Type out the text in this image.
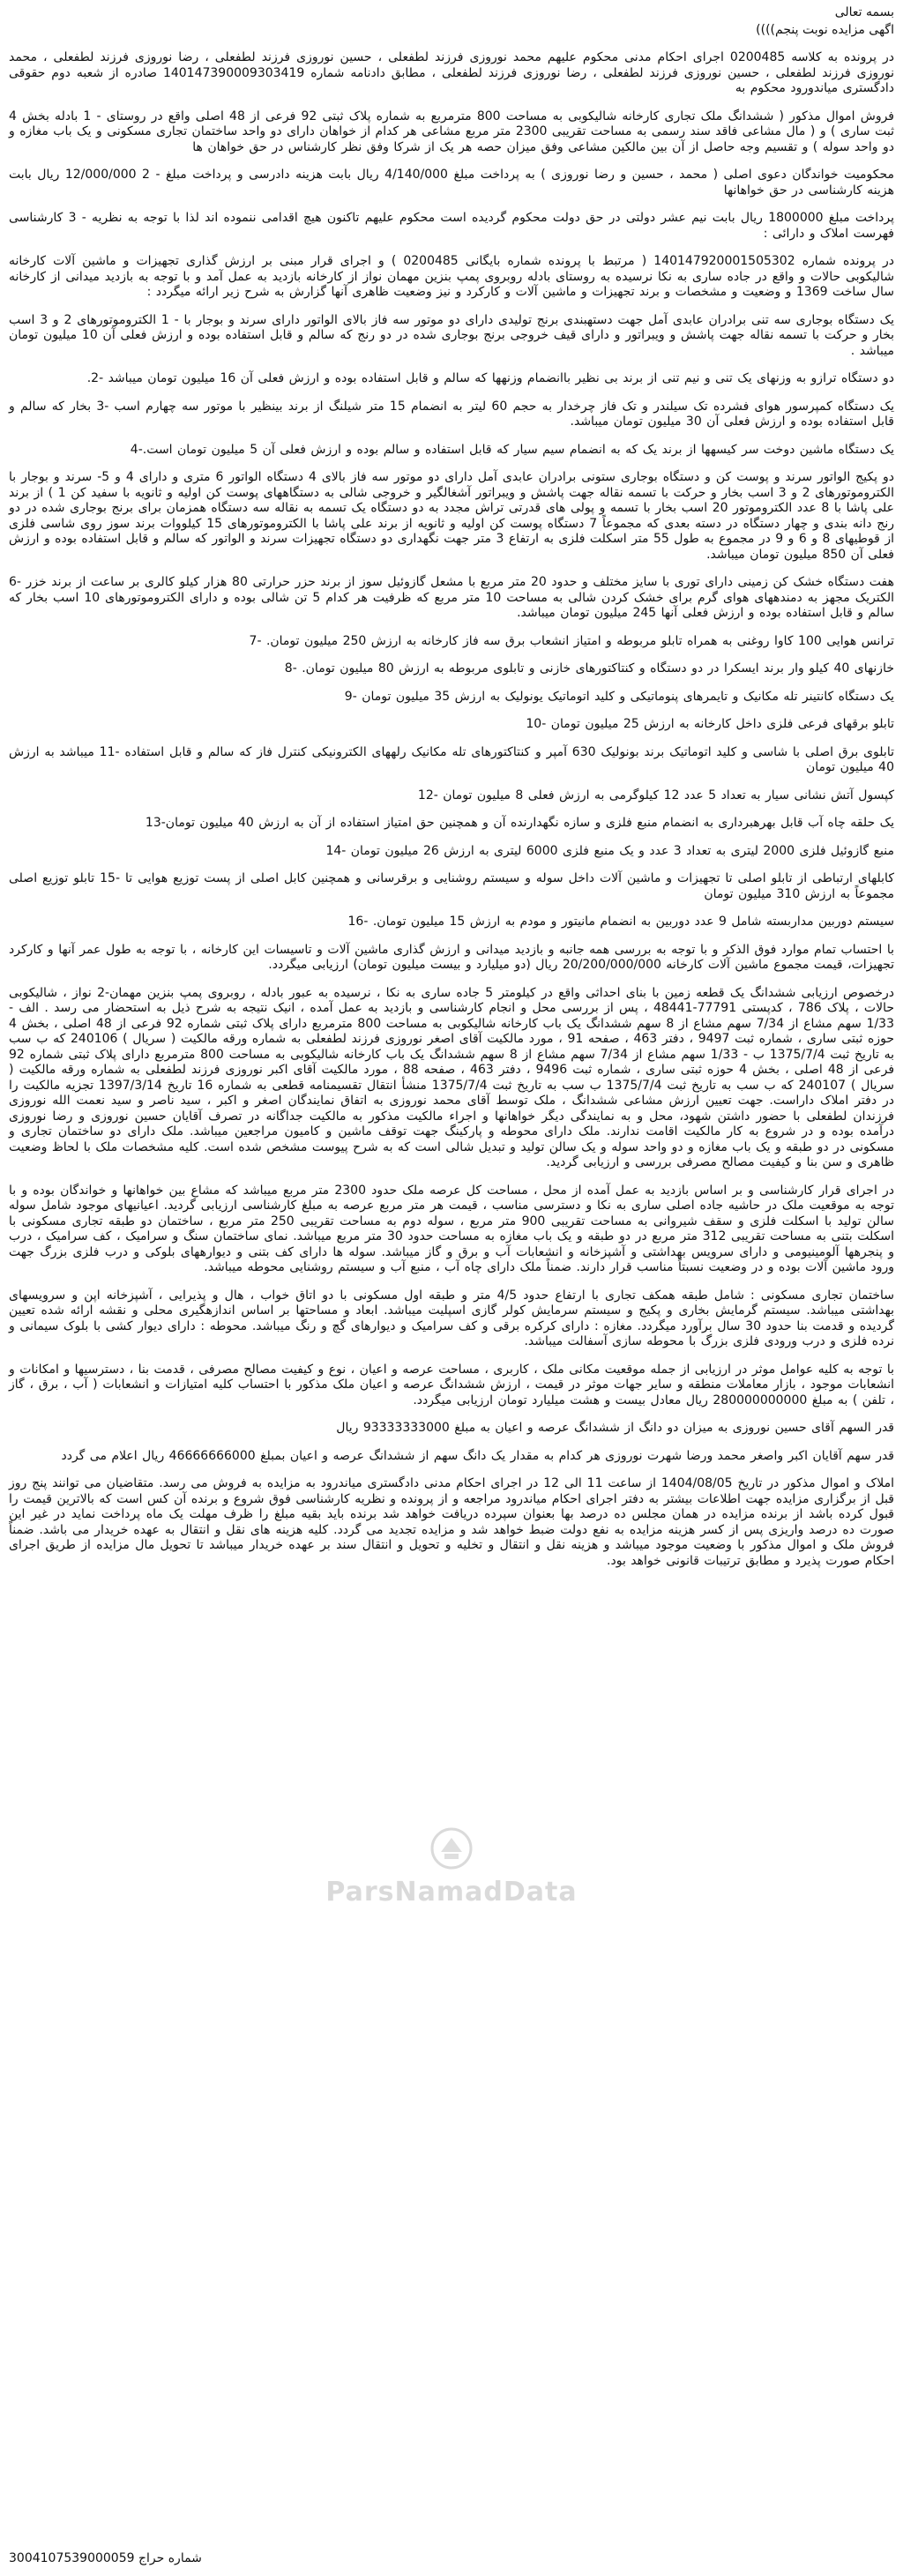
بسمه تعالی
اگهی مزایده نوبت پنجم))))
در پرونده به کلاسه 0200485 اجرای احکام مدنی محکوم علیهم محمد نوروزی فرزند لطفعلی ، حسین نوروزی فرزند لطفعلی ، رضا نوروزی فرزند لطفعلی ، محمد نوروزی فرزند لطفعلی ، حسین نوروزی فرزند لطفعلی ، رضا نوروزی فرزند لطفعلی ، مطابق دادنامه شماره 140147390009303419 صادره از شعبه دوم حقوقی دادگستری میاندورود محکوم به
فروش اموال مذکور ( ششدانگ ملک تجاری کارخانه شالیکوبی به مساحت 800 مترمربع به شماره پلاک ثبتی 92 فرعی از 48 اصلی واقع در روستای - 1 بادله بخش 4 ثبت ساری ) و ( مال مشاعی فاقد سند رسمی به مساحت تقریبی 2300 متر مربع مشاعی هر کدام از خواهان دارای دو واحد ساختمان تجاری مسکونی و یک باب مغازه و دو واحد سوله ) و تقسیم وجه حاصل از آن بین مالکین مشاعی وفق میزان حصه هر یک از شرکا وفق نظر کارشناس در حق خواهان ها
محکومیت خواندگان دعوی اصلی ( محمد ، حسین و رضا نوروزی ) به پرداخت مبلغ 4/140/000 ریال بابت هزینه دادرسی و پرداخت مبلغ - 2 12/000/000 ریال بابت هزینه کارشناسی در حق خواهانها
پرداخت مبلغ 1800000 ریال بابت نیم عشر دولتی در حق دولت محکوم گردیده است محکوم علیهم تاکنون هیچ اقدامی ننموده اند لذا با توجه به نظریه - 3 کارشناسی فهرست املاک و دارائی :
در پرونده شماره 140147920001505302 ( مرتبط با پرونده شماره بایگانی 0200485 ) و اجرای قرار مبنی بر ارزش گذاری تجهیزات و ماشین آلات کارخانه شالیکوبی حالات و واقع در جاده ساری به نکا نرسیده به روستای بادله روبروی پمپ بنزین مهمان نواز از کارخانه بازدید به عمل آمد و با توجه به بازدید میدانی از کارخانه سال ساخت 1369 و وضعیت و مشخصات و برند تجهیزات و ماشین آلات و کارکرد و نیز وضعیت ظاهری آنها گزارش به شرح زیر ارائه میگردد :
یک دستگاه بوجاری سه تنی برادران عابدی آمل جهت دستهبندی برنج تولیدی دارای دو موتور سه فاز بالای الواتور دارای سرند و بوجار با - 1 الکتروموتورهای 2 و 3 اسب بخار و حرکت با تسمه نقاله جهت پاشش و ویبراتور و دارای قیف خروجی برنج بوجاری شده در دو رنج که سالم و قابل استفاده بوده و ارزش فعلی آن 10 میلیون تومان میباشد .
دو دستگاه ترازو به وزنهای یک تنی و نیم تنی از برند بی نظیر باانضمام وزنهها که سالم و قابل استفاده بوده و ارزش فعلی آن 16 میلیون تومان میباشد -2.
یک دستگاه کمپرسور هوای فشرده تک سیلندر و تک فاز چرخدار به حجم 60 لیتر به انضمام 15 متر شیلنگ از برند بینظیر با موتور سه چهارم اسب -3 بخار که سالم و قابل استفاده بوده و ارزش فعلی آن 30 میلیون تومان میباشد.
یک دستگاه ماشین دوخت سر کیسهها از برند یک که به انضمام سیم سیار که قابل استفاده و سالم بوده و ارزش فعلی آن 5 میلیون تومان است.-4
دو پکیج الواتور سرند و پوست کن و دستگاه بوجاری ستونی برادران عابدی آمل دارای دو موتور سه فاز بالای 4 دستگاه الواتور 6 متری و دارای 4 و 5- سرند و بوجار با الکتروموتورهای 2 و 3 اسب بخار و حرکت با تسمه نقاله جهت پاشش و ویبراتور آشغالگیر و خروجی شالی به دستگاههای پوست کن اولیه و ثانویه با سفید کن 1 ) از برند علی پاشا با 8 عدد الکتروموتور 20 اسب بخار با تسمه و پولی های قدرتی تراش مجدد به دو دستگاه یک تسمه به نقاله سه دستگاه همزمان برای برنج بوجاری شده در دو رنج دانه بندی و چهار دستگاه در دسته بعدی که مجموعاً 7 دستگاه پوست کن اولیه و ثانویه از برند علی پاشا با الکتروموتورهای 15 کیلووات برند سوز روی شاسی فلزی از قوطیهای 8 و 6 و 9 در مجموع به طول 55 متر اسکلت فلزی به ارتفاع 3 متر جهت نگهداری دو دستگاه تجهیزات سرند و الواتور که سالم و قابل استفاده بوده و ارزش فعلی آن 850 میلیون تومان میباشد.
هفت دستگاه خشک کن زمینی دارای توری با سایز مختلف و حدود 20 متر مربع با مشعل گازوئیل سوز از برند حزر حرارتی 80 هزار کیلو کالری بر ساعت از برند خزر -6 الکتریک مجهز به دمندههای هوای گرم برای خشک کردن شالی به مساحت 10 متر مربع که ظرفیت هر کدام 5 تن شالی بوده و دارای الکتروموتورهای 10 اسب بخار که سالم و قابل استفاده بوده و ارزش فعلی آنها 245 میلیون تومان میباشد.
ترانس هوایی 100 کاوا روغنی به همراه تابلو مربوطه و امتیاز انشعاب برق سه فاز کارخانه به ارزش 250 میلیون تومان. -7
خازنهای 40 کیلو وار برند ایسکرا در دو دستگاه و کنتاکتورهای خازنی و تابلوی مربوطه به ارزش 80 میلیون تومان. -8
یک دستگاه کانتینر تله مکانیک و تایمرهای پنوماتیکی و کلید اتوماتیک یونولیک به ارزش 35 میلیون تومان -9
تابلو برقهای فرعی فلزی داخل کارخانه به ارزش 25 میلیون تومان -10
تابلوی برق اصلی با شاسی و کلید اتوماتیک برند بونولیک 630 آمپر و کنتاکتورهای تله مکانیک رلههای الکترونیکی کنترل فاز که سالم و قابل استفاده -11 میباشد به ارزش 40 میلیون تومان
کپسول آتش نشانی سیار به تعداد 5 عدد 12 کیلوگرمی به ارزش فعلی 8 میلیون تومان -12
یک حلقه چاه آب قابل بهرهبرداری به انضمام منبع فلزی و سازه نگهدارنده آن و همچنین حق امتیاز استفاده از آن به ارزش 40 میلیون تومان-13
منبع گازوئیل فلزی 2000 لیتری به تعداد 3 عدد و یک منبع فلزی 6000 لیتری به ارزش 26 میلیون تومان -14
کابلهای ارتباطی از تابلو اصلی تا تجهیزات و ماشین آلات داخل سوله و سیستم روشنایی و برقرسانی و همچنین کابل اصلی از پست توزیع هوایی تا -15 تابلو توزیع اصلی مجموعاً به ارزش 310 میلیون تومان
سیستم دوربین مداربسته شامل 9 عدد دوربین به انضمام مانیتور و مودم به ارزش 15 میلیون تومان. -16
با احتساب تمام موارد فوق الذکر و با توجه به بررسی همه جانبه و بازدید میدانی و ارزش گذاری ماشین آلات و تاسیسات این کارخانه ، با توجه به طول عمر آنها و کارکرد تجهیزات، قیمت مجموع ماشین آلات کارخانه 20/200/000/000 ریال (دو میلیارد و بیست میلیون تومان) ارزیابی میگردد.
درخصوص ارزیابی ششدانگ یک قطعه زمین با بنای احداثی واقع در کیلومتر 5 جاده ساری به نکا ، نرسیده به عبور بادله ، روبروی پمپ بنزین مهمان-2 نواز ، شالیکوبی حالات ، پلاک 786 ، کدپستی 77791-48441 ، پس از بررسی محل و انجام کارشناسی و بازدید به عمل آمده ، انیک نتیجه به شرح ذیل به استحضار می رسد . الف - 1/33 سهم مشاع از 7/34 سهم مشاع از 8 سهم ششدانگ یک باب کارخانه شالیکوبی به مساحت 800 مترمربع دارای پلاک ثبتی شماره 92 فرعی از 48 اصلی ، بخش 4 حوزه ثبتی ساری ، شماره ثبت 9497 ، دفتر 463 ، صفحه 91 ، مورد مالکیت آقای اصغر نوروزی فرزند لطفعلی به شماره ورقه مالکیت ( سریال ) 240106 که ب سب به تاریخ ثبت 1375/7/4 ب - 1/33 سهم مشاع از 7/34 سهم مشاع از 8 سهم ششدانگ یک باب کارخانه شالیکوبی به مساحت 800 مترمربع دارای پلاک ثبتی شماره 92 فرعی از 48 اصلی ، بخش 4 حوزه ثبتی ساری ، شماره ثبت 9496 ، دفتر 463 ، صفحه 88 ، مورد مالکیت آقای اکبر نوروزی فرزند لطفعلی به شماره ورقه مالکیت ( سریال ) 240107 که ب سب به تاریخ ثبت 1375/7/4 ب سب به تاریخ ثبت 1375/7/4 منشأ انتقال تقسیمنامه قطعی به شماره 16 تاریخ 1397/3/14 تجزیه مالکیت را در دفتر املاک داراست. جهت تعیین ارزش مشاعی ششدانگ ، ملک توسط آقای محمد نوروزی به اتفاق نمایندگان اصغر و اکبر ، سید ناصر و سید نعمت الله نوروزی فرزندان لطفعلی با حضور داشتن شهود، محل و به نمایندگی دیگر خواهانها و اجراء مالکیت مذکور به مالکیت جداگانه در تصرف آقایان حسین نوروزی و رضا نوروزی درآمده بوده و در شروع به کار مالکیت اقامت ندارند. ملک دارای محوطه و پارکینگ جهت توقف ماشین و کامیون مراجعین میباشد. ملک دارای دو ساختمان تجاری و مسکونی در دو طبقه و یک باب مغازه و دو واحد سوله و یک سالن تولید و تبدیل شالی است که به شرح پیوست مشخص شده است. کلیه مشخصات ملک با لحاظ وضعیت ظاهری و سن بنا و کیفیت مصالح مصرفی بررسی و ارزیابی گردید.
در اجرای قرار کارشناسی و بر اساس بازدید به عمل آمده از محل ، مساحت کل عرصه ملک حدود 2300 متر مربع میباشد که مشاع بین خواهانها و خواندگان بوده و با توجه به موقعیت ملک در حاشیه جاده اصلی ساری به نکا و دسترسی مناسب ، قیمت هر متر مربع عرصه به مبلغ کارشناسی ارزیابی گردید. اعیانیهای موجود شامل سوله سالن تولید با اسکلت فلزی و سقف شیروانی به مساحت تقریبی 900 متر مربع ، سوله دوم به مساحت تقریبی 250 متر مربع ، ساختمان دو طبقه تجاری مسکونی با اسکلت بتنی به مساحت تقریبی 312 متر مربع در دو طبقه و یک باب مغازه به مساحت حدود 30 متر مربع میباشد. نمای ساختمان سنگ و سرامیک ، کف سرامیک ، درب و پنجرهها آلومینیومی و دارای سرویس بهداشتی و آشپزخانه و انشعابات آب و برق و گاز میباشد. سوله ها دارای کف بتنی و دیوارههای بلوکی و درب فلزی بزرگ جهت ورود ماشین آلات بوده و در وضعیت نسبتاً مناسب قرار دارند. ضمناً ملک دارای چاه آب ، منبع آب و سیستم روشنایی محوطه میباشد.
ساختمان تجاری مسکونی : شامل طبقه همکف تجاری با ارتفاع حدود 4/5 متر و طبقه اول مسکونی با دو اتاق خواب ، هال و پذیرایی ، آشپزخانه اپن و سرویسهای بهداشتی میباشد. سیستم گرمایش بخاری و پکیج و سیستم سرمایش کولر گازی اسپلیت میباشد. ابعاد و مساحتها بر اساس اندازهگیری محلی و نقشه ارائه شده تعیین گردیده و قدمت بنا حدود 30 سال برآورد میگردد. مغازه : دارای کرکره برقی و کف سرامیک و دیوارهای گچ و رنگ میباشد. محوطه : دارای دیوار کشی با بلوک سیمانی و نرده فلزی و درب ورودی فلزی بزرگ با محوطه سازی آسفالت میباشد.
با توجه به کلیه عوامل موثر در ارزیابی از جمله موقعیت مکانی ملک ، کاربری ، مساحت عرصه و اعیان ، نوع و کیفیت مصالح مصرفی ، قدمت بنا ، دسترسیها و امکانات و انشعابات موجود ، بازار معاملات منطقه و سایر جهات موثر در قیمت ، ارزش ششدانگ عرصه و اعیان ملک مذکور با احتساب کلیه امتیازات و انشعابات ( آب ، برق ، گاز ، تلفن ) به مبلغ 280000000000 ریال معادل بیست و هشت میلیارد تومان ارزیابی میگردد.
قدر السهم آقای حسین نوروزی به میزان دو دانگ از ششدانگ عرصه و اعیان به مبلغ 93333333000 ریال
قدر سهم آقایان اکبر واصغر محمد ورضا شهرت نوروزی هر کدام به مقدار یک دانگ سهم از ششدانگ عرصه و اعیان بمبلغ 46666666000 ریال اعلام می گردد
املاک و اموال مذکور در تاریخ 1404/08/05 از ساعت 11 الی 12 در اجرای احکام مدنی دادگستری میاندرود به مزایده به فروش می رسد. متقاضیان می توانند پنج روز قبل از برگزاری مزایده جهت اطلاعات بیشتر به دفتر اجرای احکام میاندرود مراجعه و از پرونده و نظریه کارشناسی فوق شروع و برنده آن کس است که بالاترین قیمت را قبول کرده باشد از برنده مزایده در همان مجلس ده درصد بها بعنوان سپرده دریافت خواهد شد برنده باید بقیه مبلغ را ظرف مهلت یک ماه پرداخت نماید در غیر این صورت ده درصد واریزی پس از کسر هزینه مزایده به نفع دولت ضبط خواهد شد و مزایده تجدید می گردد. کلیه هزینه های نقل و انتقال به عهده خریدار می باشد. ضمناً فروش ملک و اموال مذکور با وضعیت موجود میباشد و هزینه نقل و انتقال و تخلیه و تحویل و انتقال سند بر عهده خریدار میباشد تا تحویل مال مزایده از طریق اجرای احکام صورت پذیرد و مطابق ترتیبات قانونی خواهد بود.
ParsNamadData
شماره حراج 3004107539000059
